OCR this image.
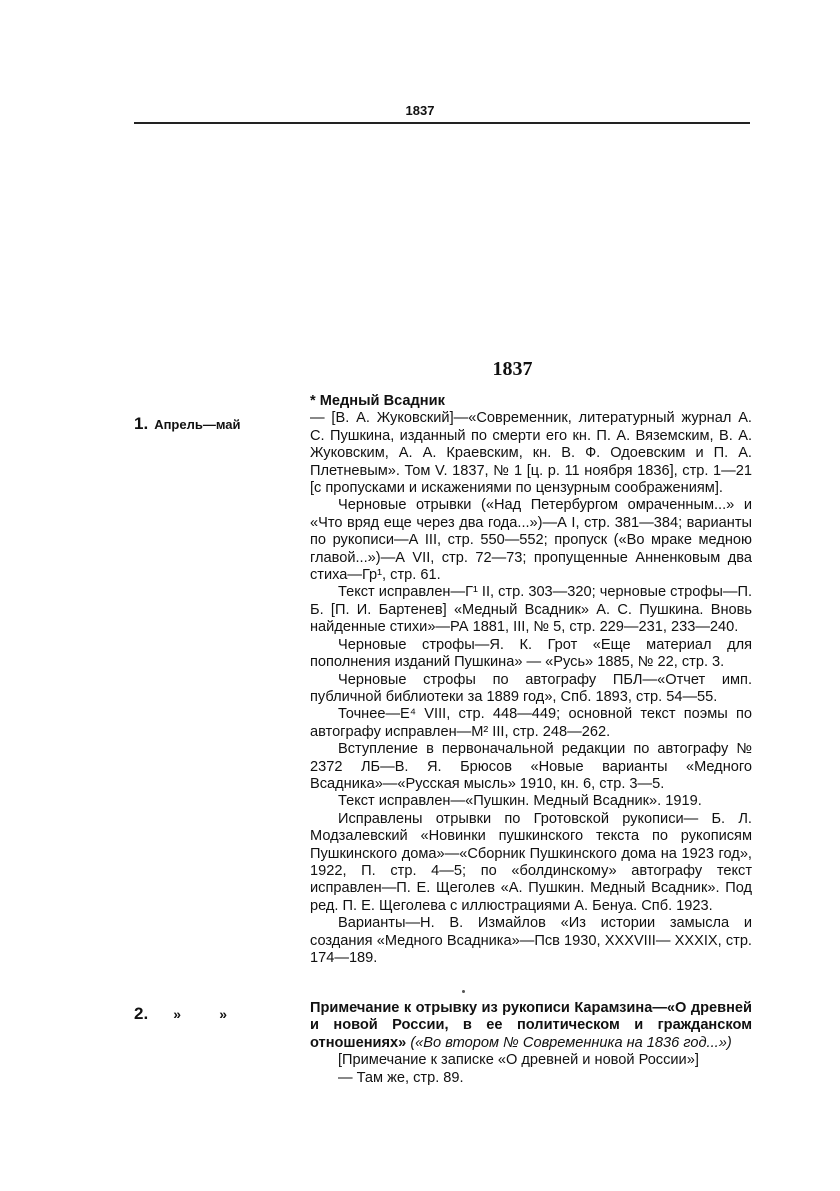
1837
1837
1. Апрель—май

* Медный Всадник

— [В. А. Жуковский]—«Современник, литературный журнал А. С. Пушкина, изданный по смерти его кн. П. А. Вяземским, В. А. Жуковским, А. А. Краевским, кн. В. Ф. Одоевским и П. А. Плетневым». Том V. 1837, № 1 [ц. р. 11 ноября 1836], стр. 1—21 [с пропусками и искажениями по цензурным соображениям].

Черновые отрывки («Над Петербургом омраченным...» и «Что вряд еще через два года...»)—А I, стр. 381—384; варианты по рукописи—А III, стр. 550—552; пропуск («Во мраке медною главой...»)—А VII, стр. 72—73; пропущенные Анненковым два стиха—Гр¹, стр. 61.

Текст исправлен—Г¹ II, стр. 303—320; черновые строфы—П. Б. [П. И. Бартенев] «Медный Всадник» А. С. Пушкина. Вновь найденные стихи»—РА 1881, III, № 5, стр. 229—231, 233—240.

Черновые строфы—Я. К. Грот «Еще материал для пополнения изданий Пушкина» — «Русь» 1885, № 22, стр. 3.

Черновые строфы по автографу ПБЛ—«Отчет имп. публичной библиотеки за 1889 год», Спб. 1893, стр. 54—55.

Точнее—Е⁴ VIII, стр. 448—449; основной текст поэмы по автографу исправлен—М² III, стр. 248—262.

Вступление в первоначальной редакции по автографу № 2372 ЛБ—В. Я. Брюсов «Новые варианты «Медного Всадника»—«Русская мысль» 1910, кн. 6, стр. 3—5.

Текст исправлен—«Пушкин. Медный Всадник». 1919.

Исправлены отрывки по Гротовской рукописи— Б. Л. Модзалевский «Новинки пушкинского текста по рукописям Пушкинского дома»—«Сборник Пушкинского дома на 1923 год», 1922, П. стр. 4—5; по «болдинскому» автографу текст исправлен—П. Е. Щеголев «А. Пушкин. Медный Всадник». Под ред. П. Е. Щеголева с иллюстрациями А. Бенуа. Спб. 1923.

Варианты—Н. В. Измайлов «Из истории замысла и создания «Медного Всадника»—Псв 1930, XXXVIII— XXXIX, стр. 174—189.

2. »	»	Примечание к отрывку из рукописи Карамзина—«О древней и новой России, в ее политическом и гражданском отношениях» («Во втором № Современника на 1836 год...»)

[Примечание к записке «О древней и новой России»]

— Там же, стр. 89.
